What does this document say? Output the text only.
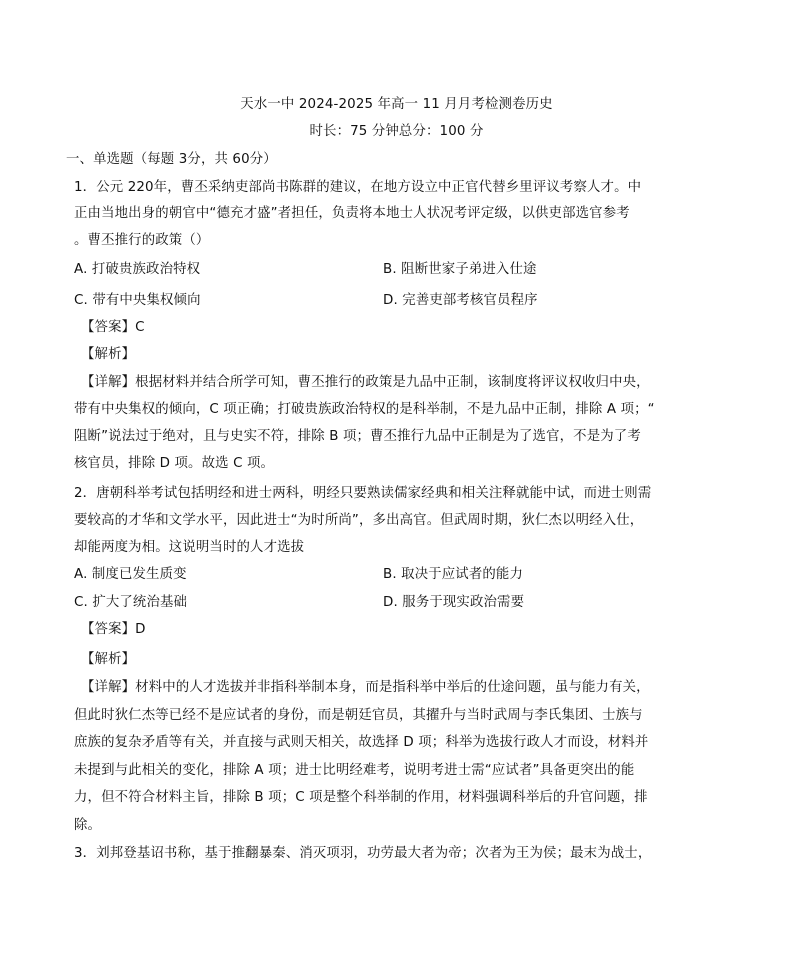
天水一中 2024-2025 年高一 11 月月考检测卷历史
时长：75 分钟总分：100 分
一、单选题（每题 3分，共 60分）
1．公元 220年，曹丕采纳吏部尚书陈群的建议，在地方设立中正官代替乡里评议考察人才。中
正由当地出身的朝官中“德充才盛”者担任，负责将本地士人状况考评定级，以供吏部选官参考
。曹丕推行的政策（）
A. 打破贵族政治特权	B. 阻断世家子弟进入仕途
C. 带有中央集权倾向	D. 完善吏部考核官员程序
【答案】C
【解析】
【详解】根据材料并结合所学可知，曹丕推行的政策是九品中正制，该制度将评议权收归中央，
带有中央集权的倾向，C 项正确；打破贵族政治特权的是科举制，不是九品中正制，排除 A 项；“
阻断”说法过于绝对，且与史实不符，排除 B 项；曹丕推行九品中正制是为了选官，不是为了考
核官员，排除 D 项。故选 C 项。
2．唐朝科举考试包括明经和进士两科，明经只要熟读儒家经典和相关注释就能中试，而进士则需
要较高的才华和文学水平，因此进士“为时所尚”，多出高官。但武周时期，狄仁杰以明经入仕，
却能两度为相。这说明当时的人才选拔
A. 制度已发生质变	B. 取决于应试者的能力
C. 扩大了统治基础	D. 服务于现实政治需要
【答案】D
【解析】
【详解】材料中的人才选拔并非指科举制本身，而是指科举中举后的仕途问题，虽与能力有关，
但此时狄仁杰等已经不是应试者的身份，而是朝廷官员，其擢升与当时武周与李氏集团、士族与
庶族的复杂矛盾等有关，并直接与武则天相关，故选择 D 项；科举为选拔行政人才而设，材料并
未提到与此相关的变化，排除 A 项；进士比明经难考，说明考进士需“应试者”具备更突出的能
力，但不符合材料主旨，排除 B 项；C 项是整个科举制的作用，材料强调科举后的升官问题，排
除。
3．刘邦登基诏书称，基于推翻暴秦、消灭项羽，功劳最大者为帝；次者为王为侯；最末为战士，
